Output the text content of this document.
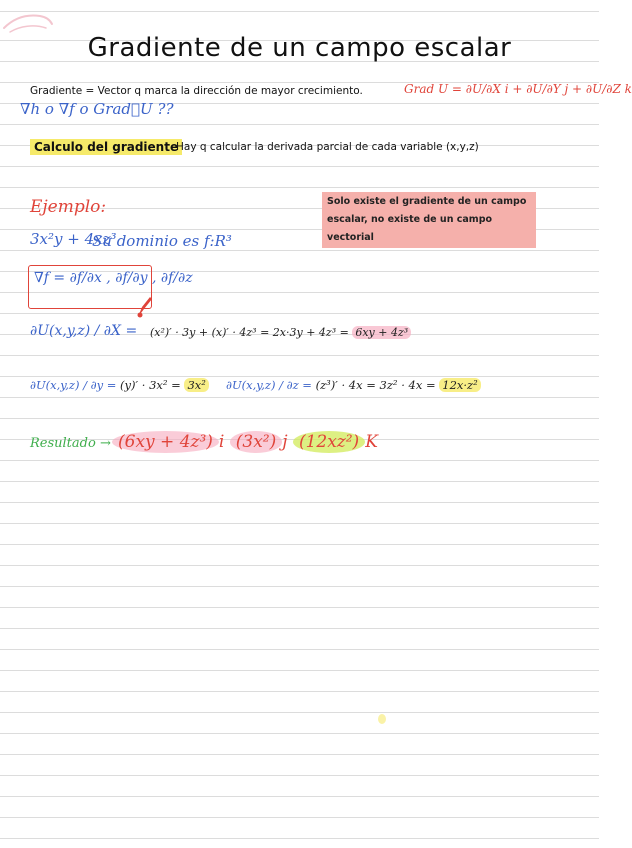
Gradiente de un campo escalar
Gradiente = Vector q marca la dirección de mayor crecimiento.
∇h o ∇f o Grad⃗U ??
Grad U = ∂U/∂X i + ∂U/∂Y j + ∂U/∂Z k
Calculo del gradiente
Hay q calcular la derivada parcial de cada variable (x,y,z)
Ejemplo:	Solo existe el gradiente de un campo escalar, no existe de un campo vectorial
3x²y + 4xz³
Su dominio es f:R³
∇f = ∂f/∂x , ∂f/∂y , ∂f/∂z
∂U(x,y,z) / ∂X = (x²)′ · 3y + (x)′ · 4z³ = 2x·3y + 4z³ = 6xy + 4z³
∂U(x,y,z) / ∂y = (y)′ · 3x² = 3x² ∂U(x,y,z) / ∂z = (z³)′ · 4x = 3z² · 4x = 12x·z²
Resultado → (6xy + 4z³) i (3x²) j (12xz²) K
